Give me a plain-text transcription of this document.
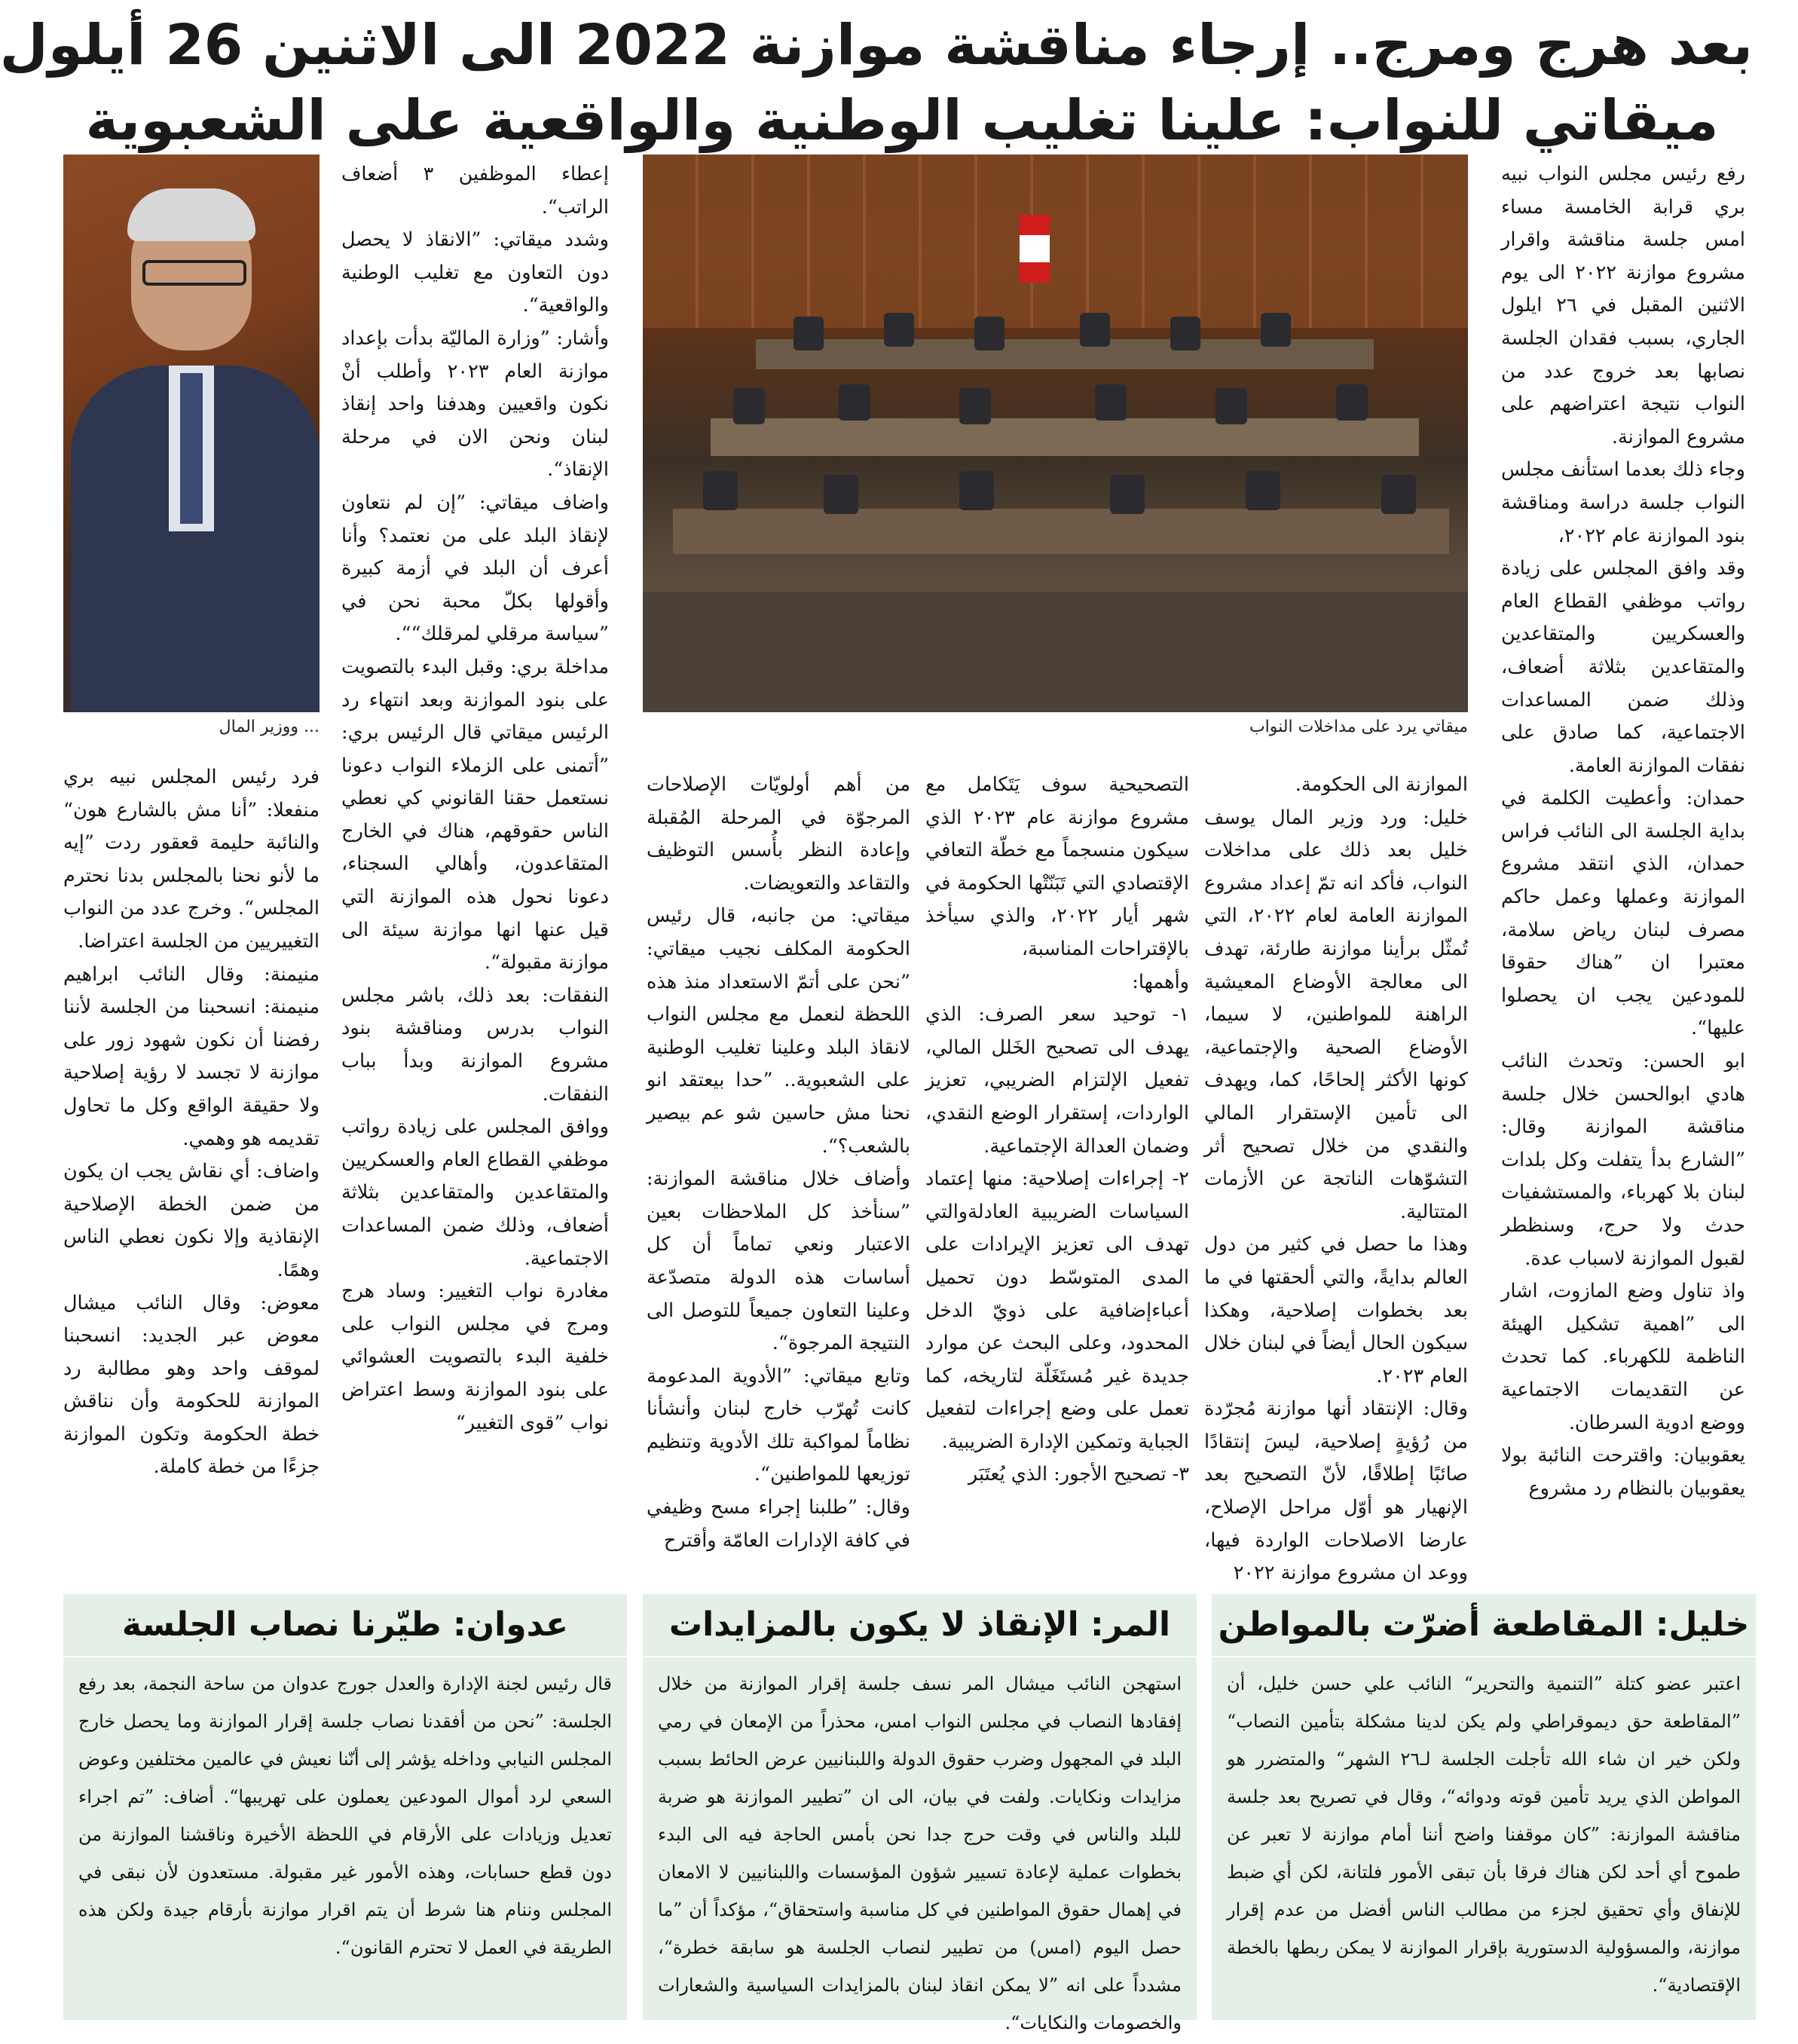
بعد هرج ومرج.. إرجاء مناقشة موازنة 2022 الى الاثنين 26 أيلول
ميقاتي للنواب: علينا تغليب الوطنية والواقعية على الشعبوية

رفع رئيس مجلس النواب نبيه بري قرابة الخامسة مساء امس جلسة مناقشة واقرار مشروع موازنة ٢٠٢٢ الى يوم الاثنين المقبل في ٢٦ ايلول الجاري، بسبب فقدان الجلسة نصابها بعد خروج عدد من النواب نتيجة اعتراضهم على مشروع الموازنة.

وجاء ذلك بعدما استأنف مجلس النواب جلسة دراسة ومناقشة بنود الموازنة عام ٢٠٢٢،

وقد وافق المجلس على زيادة رواتب موظفي القطاع العام والعسكريين والمتقاعدين والمتقاعدين بثلاثة أضعاف، وذلك ضمن المساعدات الاجتماعية، كما صادق على نفقات الموازنة العامة.

حمدان: وأعطيت الكلمة في بداية الجلسة الى النائب فراس حمدان، الذي انتقد مشروع الموازنة وعملها وعمل حاكم مصرف لبنان رياض سلامة، معتبرا ان ”هناك حقوقا للمودعين يجب ان يحصلوا عليها“.

ابو الحسن: وتحدث النائب هادي ابوالحسن خلال جلسة مناقشة الموازنة وقال: ”الشارع بدأ يتفلت وكل بلدات لبنان بلا كهرباء، والمستشفيات حدث ولا حرج، وسنظطر لقبول الموازنة لاسباب عدة.

واذ تناول وضع المازوت، اشار الى ”اهمية تشكيل الهيئة الناظمة للكهرباء. كما تحدث عن التقديمات الاجتماعية ووضع ادوية السرطان.

يعقوبيان: واقترحت النائبة بولا يعقوبيان بالنظام رد مشروع

ميقاتي يرد على مداخلات النواب

إعطاء الموظفين ٣ أضعاف الراتب“.

وشدد ميقاتي: ”الانقاذ لا يحصل دون التعاون مع تغليب الوطنية والواقعية“.

وأشار: ”وزارة الماليّة بدأت بإعداد موازنة العام ٢٠٢٣ وأطلب أنْ نكون واقعيين وهدفنا واحد إنقاذ لبنان ونحن الان في مرحلة الإنقاذ“.

واضاف ميقاتي: ”إن لم نتعاون لإنقاذ البلد على من نعتمد؟ وأنا أعرف أن البلد في أزمة كبيرة وأقولها بكلّ محبة نحن في ”سياسة مرقلي لمرقلك““.

مداخلة بري: وقبل البدء بالتصويت على بنود الموازنة وبعد انتهاء رد الرئيس ميقاتي قال الرئيس بري: ”أتمنى على الزملاء النواب دعونا نستعمل حقنا القانوني كي نعطي الناس حقوقهم، هناك في الخارج المتقاعدون، وأهالي السجناء، دعونا نحول هذه الموازنة التي قيل عنها انها موازنة سيئة الى موازنة مقبولة“.

النفقات: بعد ذلك، باشر مجلس النواب بدرس ومناقشة بنود مشروع الموازنة وبدأ بباب النفقات.

ووافق المجلس على زيادة رواتب موظفي القطاع العام والعسكريين والمتقاعدين والمتقاعدين بثلاثة أضعاف، وذلك ضمن المساعدات الاجتماعية.

مغادرة نواب التغيير: وساد هرج ومرج في مجلس النواب على خلفية البدء بالتصويت العشوائي على بنود الموازنة وسط اعتراض نواب ”قوى التغيير“

... ووزير المال

الموازنة الى الحكومة.

خليل: ورد وزير المال يوسف خليل بعد ذلك على مداخلات النواب، فأكد انه تمّ إعداد مشروع الموازنة العامة لعام ٢٠٢٢، التي تُمثّل برأينا موازنة طارئة، تهدف الى معالجة الأوضاع المعيشية الراهنة للمواطنين، لا سيما، الأوضاع الصحية والإجتماعية، كونها الأكثر إلحاحًا، كما، ويهدف الى تأمين الإستقرار المالي والنقدي من خلال تصحيح أثر التشوّهات الناتجة عن الأزمات المتتالية.

وهذا ما حصل في كثير من دول العالم بدايةً، والتي ألحقتها في ما بعد بخطوات إصلاحية، وهكذا سيكون الحال أيضاً في لبنان خلال العام ٢٠٢٣.

وقال: الإنتقاد أنها موازنة مُجرّدة من رُؤيةٍ إصلاحية، ليسَ إنتقادًا صائبًا إطلاقًا، لأنّ التصحيح بعد الإنهيار هو أوّل مراحل الإصلاح، عارضا الاصلاحات الواردة فيها، ووعد ان مشروع موازنة ٢٠٢٢

التصحيحية سوف يَتَكامل مع مشروع موازنة عام ٢٠٢٣ الذي سيكون منسجماً مع خطّة التعافي الإقتصادي التي تَبَنّتْها الحكومة في شهر أيار ٢٠٢٢، والذي سيأخذ بالإقتراحات المناسبة،

وأهمها:

١- توحيد سعر الصرف: الذي يهدف الى تصحيح الخَلل المالي، تفعيل الإلتزام الضريبي، تعزيز الواردات، إستقرار الوضع النقدي، وضمان العدالة الإجتماعية.

٢- إجراءات إصلاحية: منها إعتماد السياسات الضريبية العادلةوالتي تهدف الى تعزيز الإيرادات على المدى المتوسّط دون تحميل أعباءإضافية على ذويّ الدخل المحدود، وعلى البحث عن موارد جديدة غير مُستَغَلّة لتاريخه، كما تعمل على وضع إجراءات لتفعيل الجباية وتمكين الإدارة الضريبية.

٣- تصحيح الأجور: الذي يُعتَبَر

من أهم أولويّات الإصلاحات المرجوّة في المرحلة المُقبلة وإعادة النظر بأُسس التوظيف والتقاعد والتعويضات.

ميقاتي: من جانبه، قال رئيس الحكومة المكلف نجيب ميقاتي: ”نحن على أتمّ الاستعداد منذ هذه اللحظة لنعمل مع مجلس النواب لانقاذ البلد وعلينا تغليب الوطنية على الشعبوية.. ”حدا بيعتقد انو نحنا مش حاسين شو عم بيصير بالشعب؟“.

وأضاف خلال مناقشة الموازنة: ”سنأخذ كل الملاحظات بعين الاعتبار ونعي تماماً أن كل أساسات هذه الدولة متصدّعة وعلينا التعاون جميعاً للتوصل الى النتيجة المرجوة“.

وتابع ميقاتي: ”الأدوية المدعومة كانت تُهرّب خارج لبنان وأنشأنا نظاماً لمواكبة تلك الأدوية وتنظيم توزيعها للمواطنين“.

وقال: ”طلبنا إجراء مسح وظيفي في كافة الإدارات العامّة وأقترح

فرد رئيس المجلس نبيه بري منفعلا: ”أنا مش بالشارع هون“ والنائبة حليمة قعقور ردت ”إيه ما لأنو نحنا بالمجلس بدنا نحترم المجلس“. وخرج عدد من النواب التغييريين من الجلسة اعتراضا.

منيمنة: وقال النائب ابراهيم منيمنة: انسحبنا من الجلسة لأننا رفضنا أن نكون شهود زور على موازنة لا تجسد لا رؤية إصلاحية ولا حقيقة الواقع وكل ما تحاول تقديمه هو وهمي.

واضاف: أي نقاش يجب ان يكون من ضمن الخطة الإصلاحية الإنقاذية وإلا نكون نعطي الناس وهمًا.

معوض: وقال النائب ميشال معوض عبر الجديد: انسحبنا لموقف واحد وهو مطالبة رد الموازنة للحكومة وأن نناقش خطة الحكومة وتكون الموازنة جزءًا من خطة كاملة.

خليل: المقاطعة أضرّت بالمواطن
اعتبر عضو كتلة ”التنمية والتحرير“ النائب علي حسن خليل، أن ”المقاطعة حق ديموقراطي ولم يكن لدينا مشكلة بتأمين النصاب“ ولكن خير ان شاء الله تأجلت الجلسة لـ٢٦ الشهر“ والمتضرر هو المواطن الذي يريد تأمين قوته ودوائه“، وقال في تصريح بعد جلسة مناقشة الموازنة: ”كان موقفنا واضح أننا أمام موازنة لا تعبر عن طموح أي أحد لكن هناك فرقا بأن تبقى الأمور فلتانة، لكن أي ضبط للإنفاق وأي تحقيق لجزء من مطالب الناس أفضل من عدم إقرار موازنة، والمسؤولية الدستورية بإقرار الموازنة لا يمكن ربطها بالخطة الإقتصادية“.
المر: الإنقاذ لا يكون بالمزايدات
استهجن النائب ميشال المر نسف جلسة إقرار الموازنة من خلال إفقادها النصاب في مجلس النواب امس، محذراً من الإمعان في رمي البلد في المجهول وضرب حقوق الدولة واللبنانيين عرض الحائط بسبب مزايدات ونكايات. ولفت في بيان، الى ان ”تطيير الموازنة هو ضربة للبلد والناس في وقت حرج جدا نحن بأمس الحاجة فيه الى البدء بخطوات عملية لإعادة تسيير شؤون المؤسسات واللبنانيين لا الامعان في إهمال حقوق المواطنين في كل مناسبة واستحقاق“، مؤكداً أن ”ما حصل اليوم (امس) من تطيير لنصاب الجلسة هو سابقة خطرة“، مشدداً على انه ”لا يمكن انقاذ لبنان بالمزايدات السياسية والشعارات والخصومات والنكايات“.
عدوان: طيّرنا نصاب الجلسة
قال رئيس لجنة الإدارة والعدل جورج عدوان من ساحة النجمة، بعد رفع الجلسة: ”نحن من أفقدنا نصاب جلسة إقرار الموازنة وما يحصل خارج المجلس النيابي وداخله يؤشر إلى أنّنا نعيش في عالمين مختلفين وعوض السعي لرد أموال المودعين يعملون على تهريبها“. أضاف: ”تم اجراء تعديل وزيادات على الأرقام في اللحظة الأخيرة وناقشنا الموازنة من دون قطع حسابات، وهذه الأمور غير مقبولة. مستعدون لأن نبقى في المجلس وننام هنا شرط أن يتم اقرار موازنة بأرقام جيدة ولكن هذه الطريقة في العمل لا تحترم القانون“.
